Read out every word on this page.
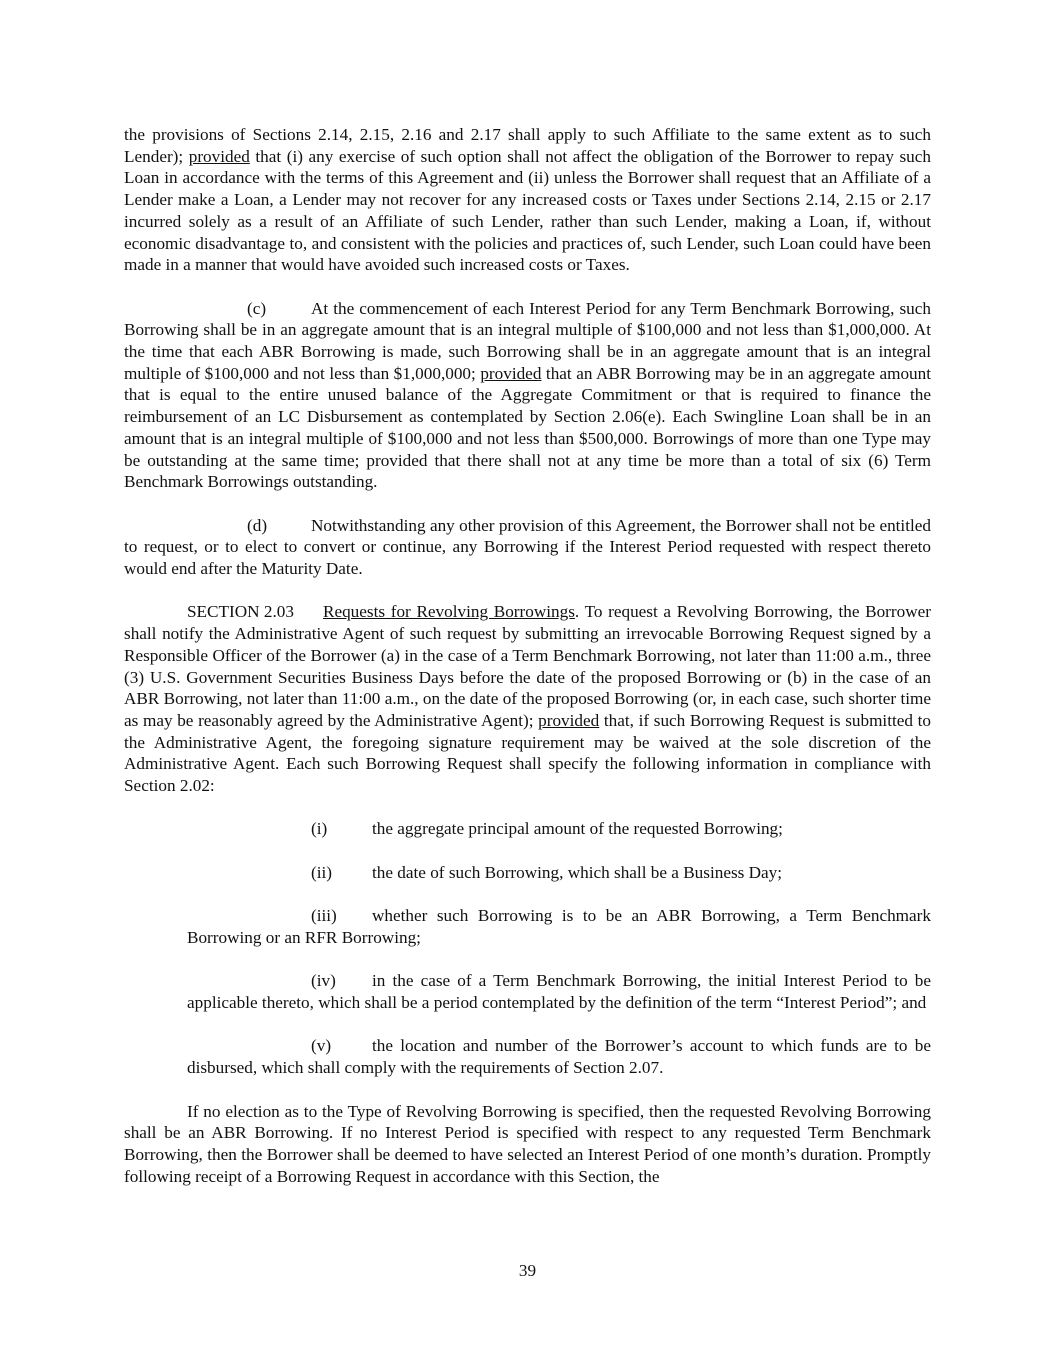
the provisions of Sections 2.14, 2.15, 2.16 and 2.17 shall apply to such Affiliate to the same extent as to such Lender); provided that (i) any exercise of such option shall not affect the obligation of the Borrower to repay such Loan in accordance with the terms of this Agreement and (ii) unless the Borrower shall request that an Affiliate of a Lender make a Loan, a Lender may not recover for any increased costs or Taxes under Sections 2.14, 2.15 or 2.17 incurred solely as a result of an Affiliate of such Lender, rather than such Lender, making a Loan, if, without economic disadvantage to, and consistent with the policies and practices of, such Lender, such Loan could have been made in a manner that would have avoided such increased costs or Taxes.

(c)	At the commencement of each Interest Period for any Term Benchmark Borrowing, such Borrowing shall be in an aggregate amount that is an integral multiple of $100,000 and not less than $1,000,000. At the time that each ABR Borrowing is made, such Borrowing shall be in an aggregate amount that is an integral multiple of $100,000 and not less than $1,000,000; provided that an ABR Borrowing may be in an aggregate amount that is equal to the entire unused balance of the Aggregate Commitment or that is required to finance the reimbursement of an LC Disbursement as contemplated by Section 2.06(e). Each Swingline Loan shall be in an amount that is an integral multiple of $100,000 and not less than $500,000. Borrowings of more than one Type may be outstanding at the same time; provided that there shall not at any time be more than a total of six (6) Term Benchmark Borrowings outstanding.

(d)	Notwithstanding any other provision of this Agreement, the Borrower shall not be entitled to request, or to elect to convert or continue, any Borrowing if the Interest Period requested with respect thereto would end after the Maturity Date.

SECTION 2.03 Requests for Revolving Borrowings. To request a Revolving Borrowing, the Borrower shall notify the Administrative Agent of such request by submitting an irrevocable Borrowing Request signed by a Responsible Officer of the Borrower (a) in the case of a Term Benchmark Borrowing, not later than 11:00 a.m., three (3) U.S. Government Securities Business Days before the date of the proposed Borrowing or (b) in the case of an ABR Borrowing, not later than 11:00 a.m., on the date of the proposed Borrowing (or, in each case, such shorter time as may be reasonably agreed by the Administrative Agent); provided that, if such Borrowing Request is submitted to the Administrative Agent, the foregoing signature requirement may be waived at the sole discretion of the Administrative Agent. Each such Borrowing Request shall specify the following information in compliance with Section 2.02:

(i)	the aggregate principal amount of the requested Borrowing;

(ii) the date of such Borrowing, which shall be a Business Day;

(iii) whether such Borrowing is to be an ABR Borrowing, a Term Benchmark Borrowing or an RFR Borrowing;

(iv) in the case of a Term Benchmark Borrowing, the initial Interest Period to be applicable thereto, which shall be a period contemplated by the definition of the term “Interest Period”; and

(v) the location and number of the Borrower’s account to which funds are to be disbursed, which shall comply with the requirements of Section 2.07.

If no election as to the Type of Revolving Borrowing is specified, then the requested Revolving Borrowing shall be an ABR Borrowing. If no Interest Period is specified with respect to any requested Term Benchmark Borrowing, then the Borrower shall be deemed to have selected an Interest Period of one month’s duration. Promptly following receipt of a Borrowing Request in accordance with this Section, the

39
